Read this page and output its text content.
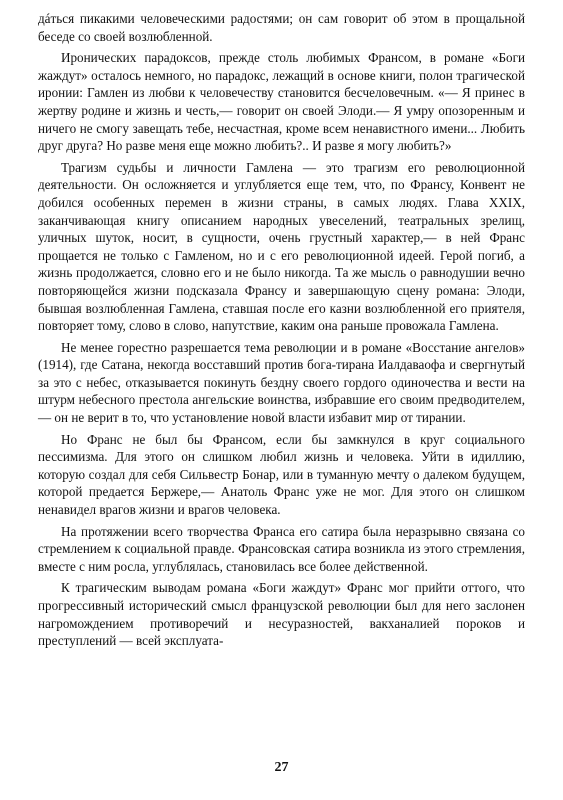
дáться пикакими человеческими радостями; он сам говорит об этом в прощальной беседе со своей возлюбленной.

Иронических парадоксов, прежде столь любимых Франсом, в романе «Боги жаждут» осталось немного, но парадокс, лежащий в основе книги, полон трагической иронии: Гамлен из любви к человечеству становится бесчеловечным. «— Я принес в жертву родине и жизнь и честь,— говорит он своей Элоди.— Я умру опозоренным и ничего не смогу завещать тебе, несчастная, кроме всем ненавистного имени... Любить друг друга? Но разве меня еще можно любить?.. И разве я могу любить?»

Трагизм судьбы и личности Гамлена — это трагизм его революционной деятельности. Он осложняется и углубляется еще тем, что, по Франсу, Конвент не добился особенных перемен в жизни страны, в самых людях. Глава XXIX, заканчивающая книгу описанием народных увеселений, театральных зрелищ, уличных шуток, носит, в сущности, очень грустный характер,— в ней Франс прощается не только с Гамленом, но и с его революционной идеей. Герой погиб, а жизнь продолжается, словно его и не было никогда. Та же мысль о равнодушии вечно повторяющейся жизни подсказала Франсу и завершающую сцену романа: Элоди, бывшая возлюбленная Гамлена, ставшая после его казни возлюбленной его приятеля, повторяет тому, слово в слово, напутствие, каким она раньше провожала Гамлена.

Не менее горестно разрешается тема революции и в романе «Восстание ангелов» (1914), где Сатана, некогда восставший против бога-тирана Иалдаваофа и свергнутый за это с небес, отказывается покинуть бездну своего гордого одиночества и вести на штурм небесного престола ангельские воинства, избравшие его своим предводителем,— он не верит в то, что установление новой власти избавит мир от тирании.

Но Франс не был бы Франсом, если бы замкнулся в круг социального пессимизма. Для этого он слишком любил жизнь и человека. Уйти в идиллию, которую создал для себя Сильвестр Бонар, или в туманную мечту о далеком будущем, которой предается Бержере,— Анатоль Франс уже не мог. Для этого он слишком ненавидел врагов жизни и врагов человека.

На протяжении всего творчества Франса его сатира была неразрывно связана со стремлением к социальной правде. Франсовская сатира возникла из этого стремления, вместе с ним росла, углублялась, становилась все более действенной.

К трагическим выводам романа «Боги жаждут» Франс мог прийти оттого, что прогрессивный исторический смысл французской революции был для него заслонен нагромождением противоречий и несуразностей, вакханалией пороков и преступлений — всей эксплуата-

27
